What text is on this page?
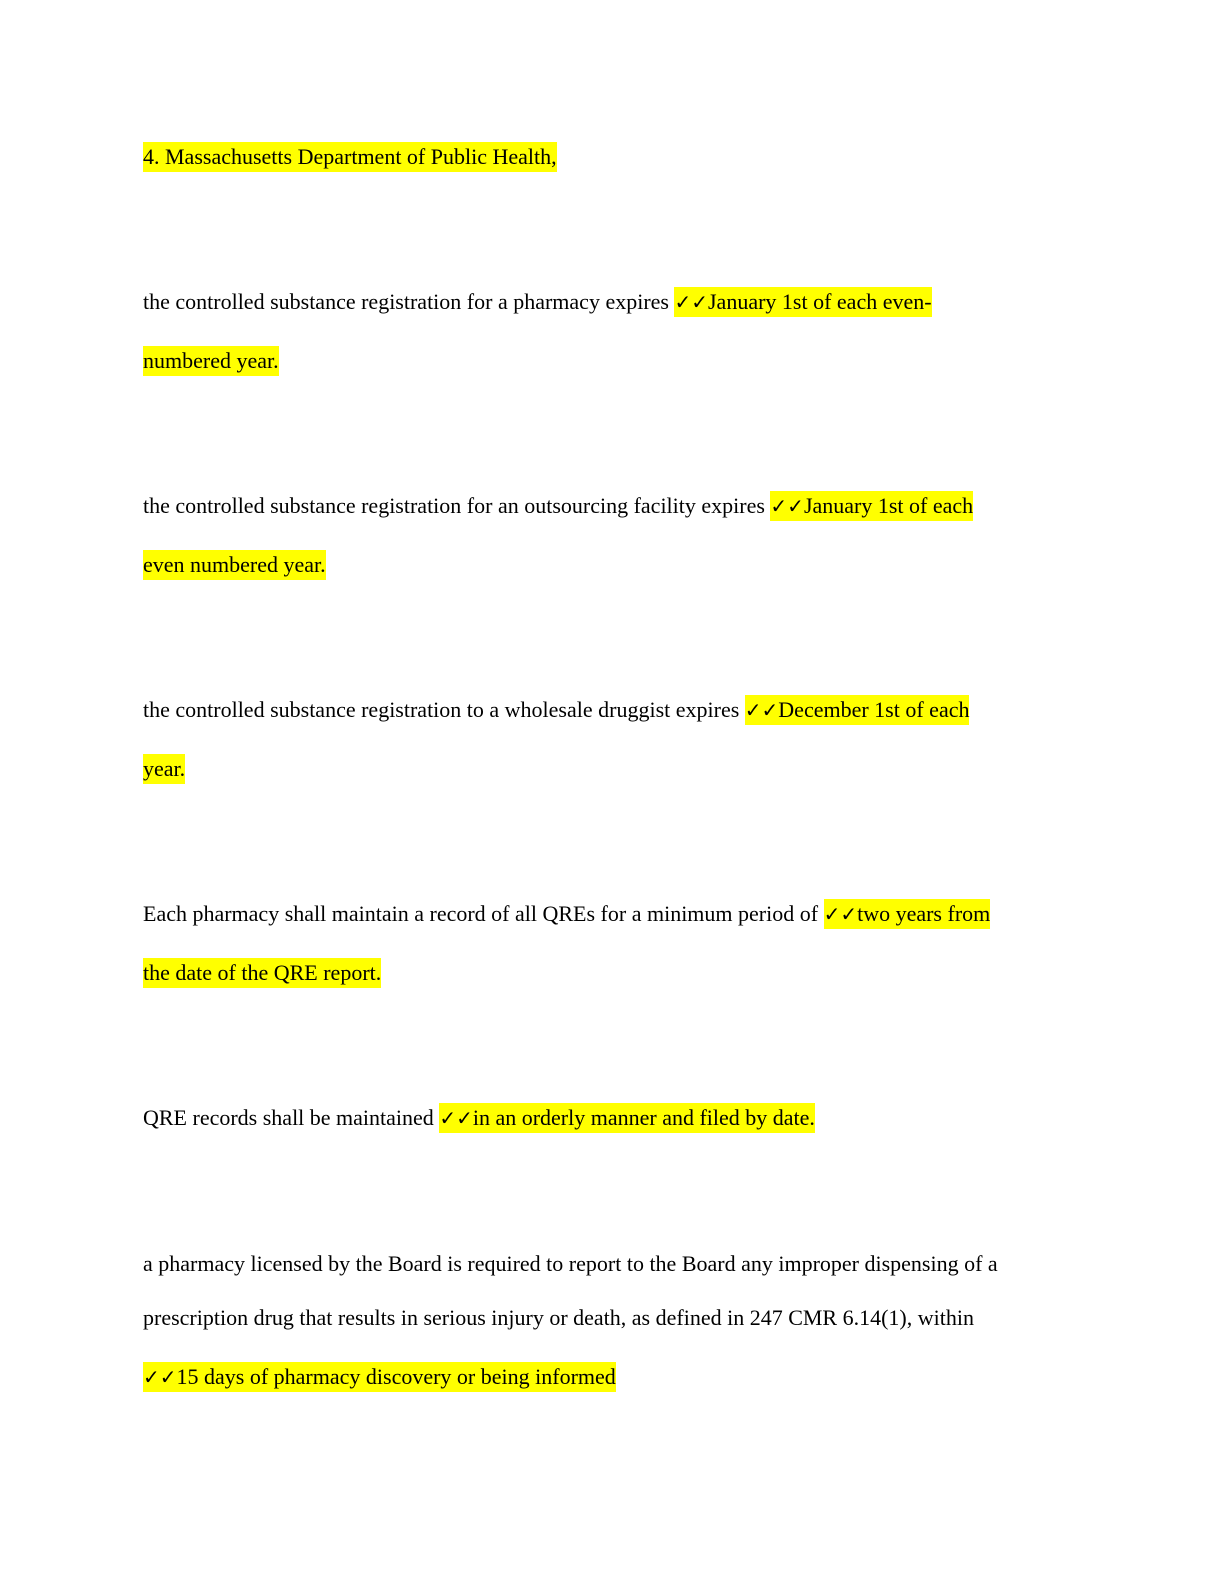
4. Massachusetts Department of Public Health,
the controlled substance registration for a pharmacy expires ✓✓January 1st of each even-
numbered year.
the controlled substance registration for an outsourcing facility expires ✓✓January 1st of each
even numbered year.
the controlled substance registration to a wholesale druggist expires ✓✓December 1st of each
year.
Each pharmacy shall maintain a record of all QREs for a minimum period of ✓✓two years from
the date of the QRE report.
QRE records shall be maintained ✓✓in an orderly manner and filed by date.
a pharmacy licensed by the Board is required to report to the Board any improper dispensing of a
prescription drug that results in serious injury or death, as defined in 247 CMR 6.14(1), within
✓✓15 days of pharmacy discovery or being informed
